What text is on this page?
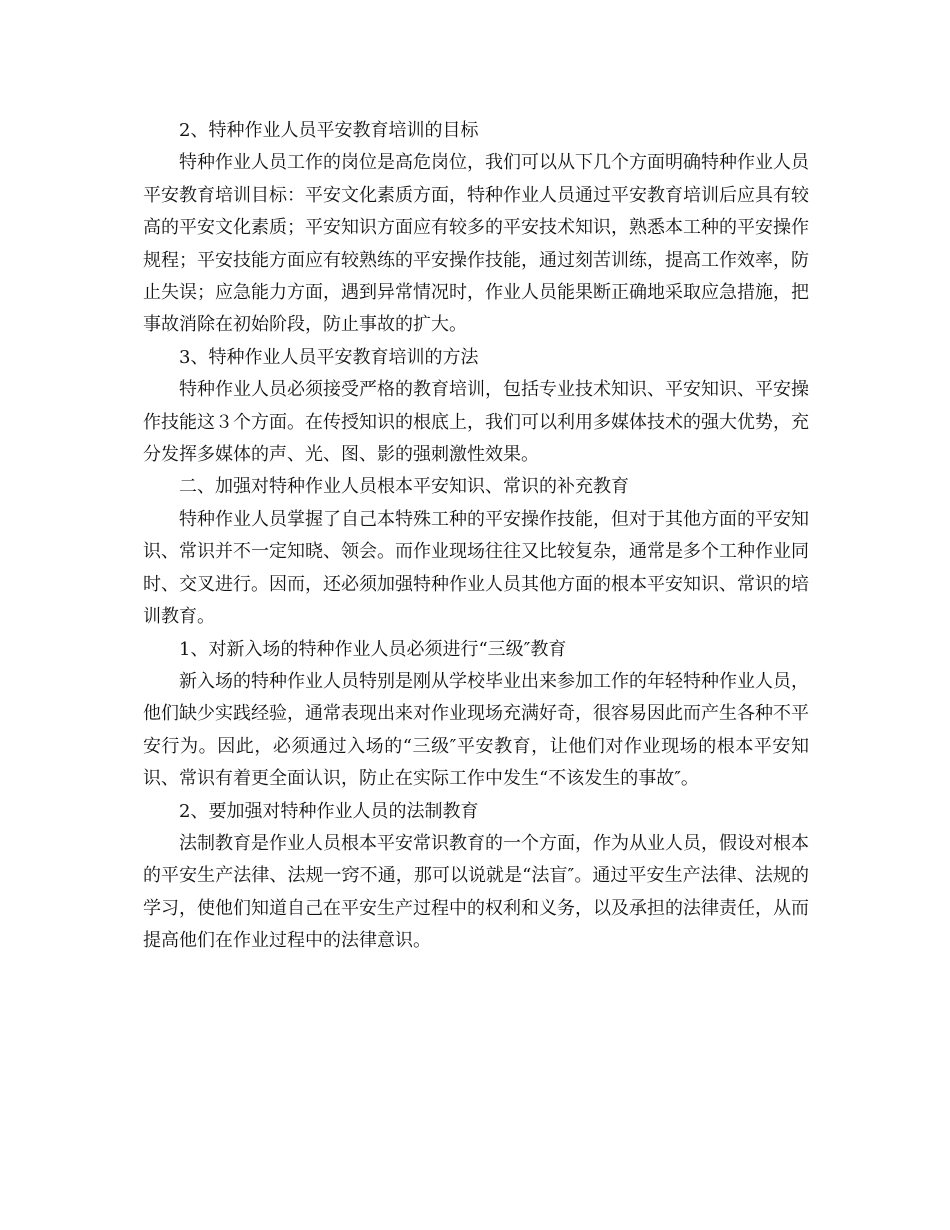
2、特种作业人员平安教育培训的目标

特种作业人员工作的岗位是高危岗位，我们可以从下几个方面明确特种作业人员平安教育培训目标：平安文化素质方面，特种作业人员通过平安教育培训后应具有较高的平安文化素质；平安知识方面应有较多的平安技术知识，熟悉本工种的平安操作规程；平安技能方面应有较熟练的平安操作技能，通过刻苦训练，提高工作效率，防止失误；应急能力方面，遇到异常情况时，作业人员能果断正确地采取应急措施，把事故消除在初始阶段，防止事故的扩大。

3、特种作业人员平安教育培训的方法

特种作业人员必须接受严格的教育培训，包括专业技术知识、平安知识、平安操作技能这３个方面。在传授知识的根底上，我们可以利用多媒体技术的强大优势，充分发挥多媒体的声、光、图、影的强刺激性效果。

二、加强对特种作业人员根本平安知识、常识的补充教育

特种作业人员掌握了自己本特殊工种的平安操作技能，但对于其他方面的平安知识、常识并不一定知晓、领会。而作业现场往往又比较复杂，通常是多个工种作业同时、交叉进行。因而，还必须加强特种作业人员其他方面的根本平安知识、常识的培训教育。

1、对新入场的特种作业人员必须进行“三级″教育

新入场的特种作业人员特别是刚从学校毕业出来参加工作的年轻特种作业人员，他们缺少实践经验，通常表现出来对作业现场充满好奇，很容易因此而产生各种不平安行为。因此，必须通过入场的“三级″平安教育，让他们对作业现场的根本平安知识、常识有着更全面认识，防止在实际工作中发生“不该发生的事故″。

2、要加强对特种作业人员的法制教育

法制教育是作业人员根本平安常识教育的一个方面，作为从业人员，假设对根本的平安生产法律、法规一窍不通，那可以说就是“法盲″。通过平安生产法律、法规的学习，使他们知道自己在平安生产过程中的权利和义务，以及承担的法律责任，从而提高他们在作业过程中的法律意识。
